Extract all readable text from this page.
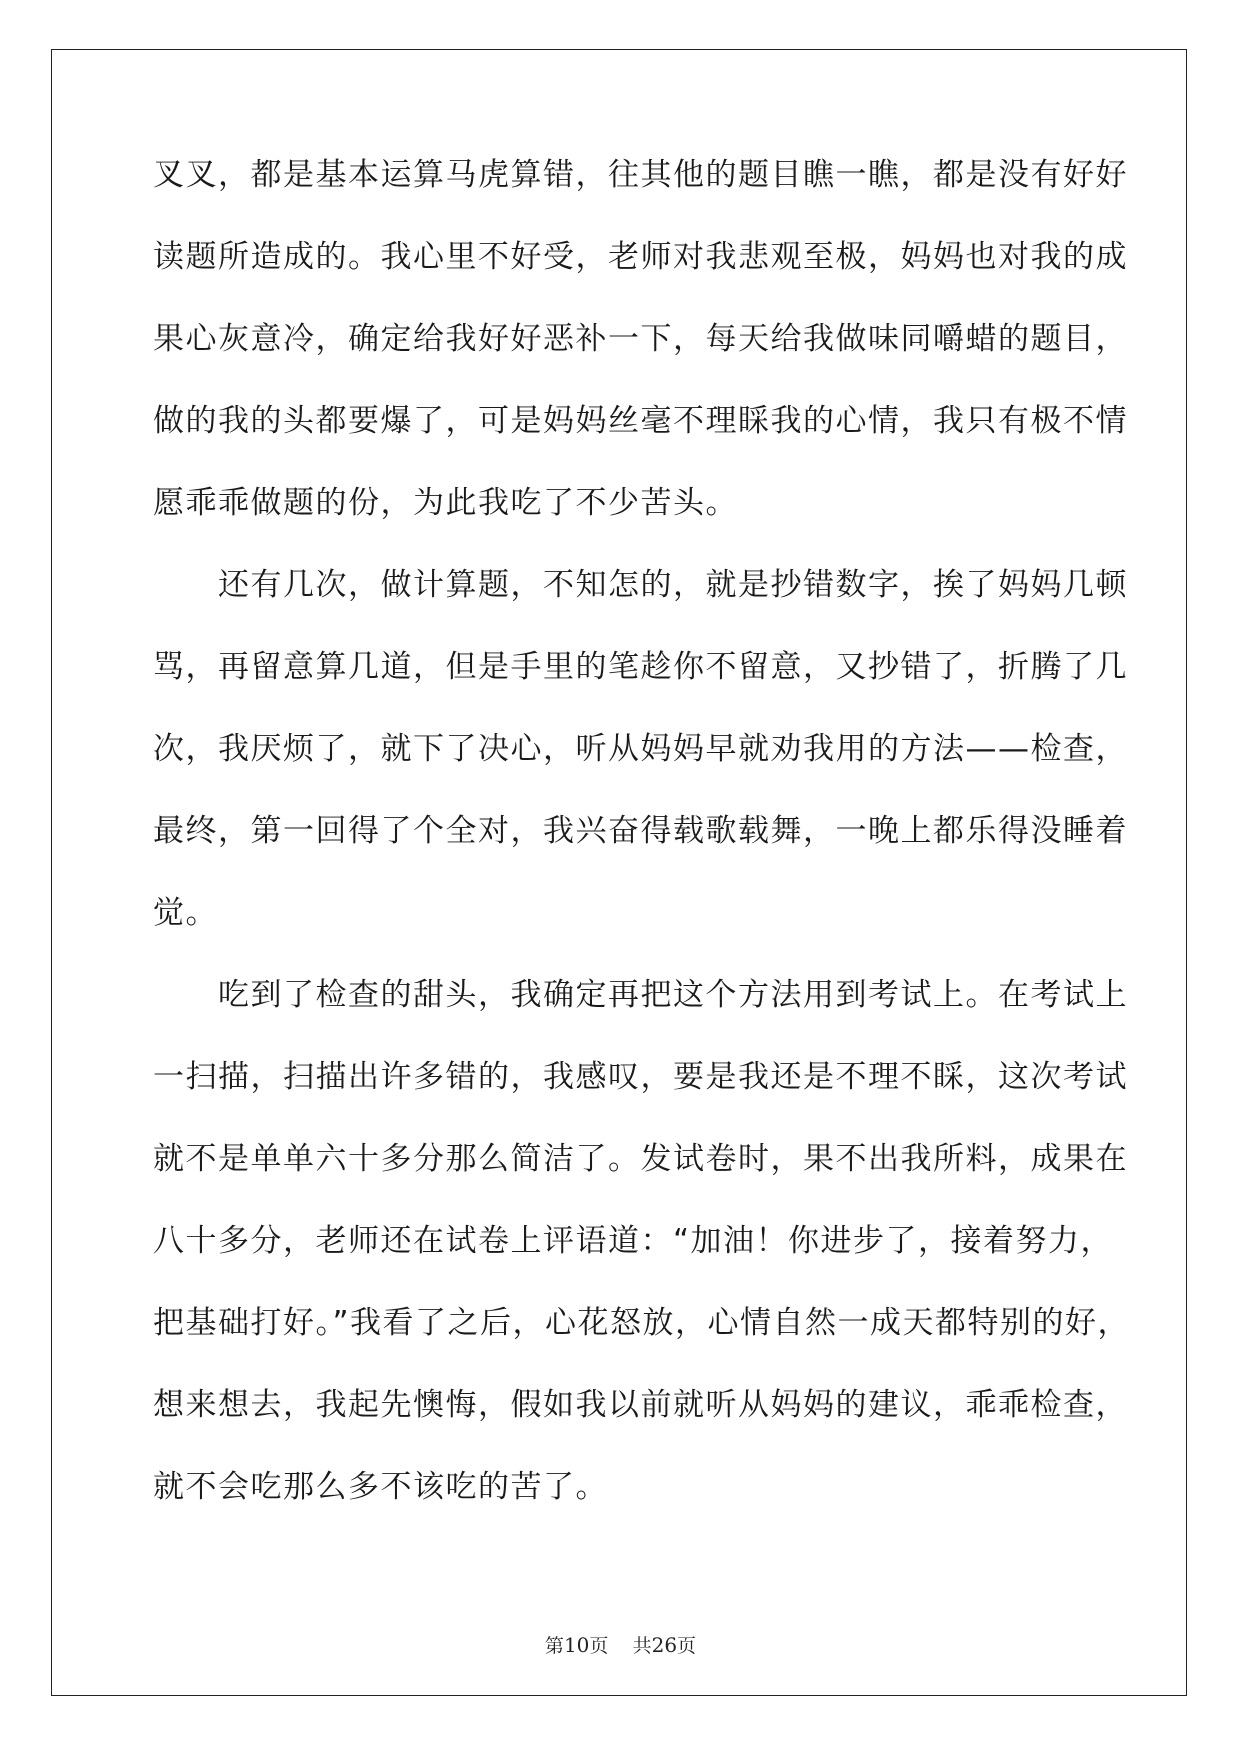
叉叉，都是基本运算马虎算错，往其他的题目瞧一瞧，都是没有好好
读题所造成的。我心里不好受，老师对我悲观至极，妈妈也对我的成
果心灰意冷，确定给我好好恶补一下，每天给我做味同嚼蜡的题目，
做的我的头都要爆了，可是妈妈丝毫不理睬我的心情，我只有极不情
愿乖乖做题的份，为此我吃了不少苦头。
　　还有几次，做计算题，不知怎的，就是抄错数字，挨了妈妈几顿
骂，再留意算几道，但是手里的笔趁你不留意，又抄错了，折腾了几
次，我厌烦了，就下了决心，听从妈妈早就劝我用的方法——检查，
最终，第一回得了个全对，我兴奋得载歌载舞，一晚上都乐得没睡着
觉。
　　吃到了检查的甜头，我确定再把这个方法用到考试上。在考试上
一扫描，扫描出许多错的，我感叹，要是我还是不理不睬，这次考试
就不是单单六十多分那么简洁了。发试卷时，果不出我所料，成果在
八十多分，老师还在试卷上评语道：“加油！你进步了，接着努力，
把基础打好。”我看了之后，心花怒放，心情自然一成天都特别的好，
想来想去，我起先懊悔，假如我以前就听从妈妈的建议，乖乖检查，
就不会吃那么多不该吃的苦了。
第10页 共26页
